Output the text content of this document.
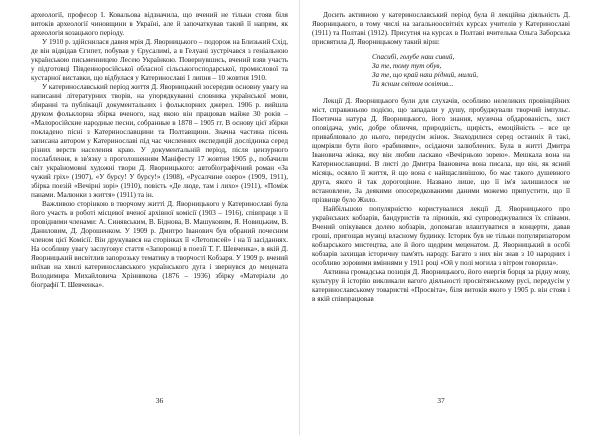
археології, професор І. Ковальова відзначила, що вчений не тільки стояв біля витоків археології чиновщини в Україні, але й започаткував такий її напрям, як археологія козацького періоду.

У 1910 р. здійснилася давня мрія Д. Яворницького – подорож на Близький Схід, де він відвідав Єгипет, побував у Єрусалимі, а в Гелуані зустрічався з геніальною українською письменницею Лесею Українкою. Повернувшись, вчений взяв участь у підготовці Південноросійської обласної сільськогосподарської, промислової та кустарної виставки, що відбулася у Катеринославі 1 липня – 10 жовтня 1910.

У катеринославський період життя Д. Яворницький зосередив основну увагу на написанні літературних творів, на упорядкуванні словника української мови, збиранні та публікації документальних і фольклорних джерел. 1906 р. вийшла друком фольклорна збірка вченого, над якою він працював майже 30 років – «Малоросійские народные песни, собранные в 1878 – 1905 гг. В основу цієї збірки покладено пісні з Катеринославщини та Полтавщини. Значна частина пісень записана автором у Катеринославі під час численних експедицій дослідника серед різних верств населення краю. У документальній період, після цензурного послаблення, в зв'язку з проголошенням Маніфесту 17 жовтня 1905 р., побачили світ україномовні художні твори Д. Яворницького: автобіографічний роман «За чужий гріх» (1907), «У бурсу! У бурсу!» (1908), «Русалчине озеро» (1909, 1911), збірка поезій «Вечірні зорі» (1910), повість «Де люде, там і лихо» (1911), «Поміж панами. Малюнки з життя» (1911) та ін.

Важливою сторінкою в творчому житті Д. Яворницького у Катеринославі була його участь в роботі місцевої вченої архівної комісії (1903 – 1916), співпраця з її провідними членами: А. Синявським, В. Біднова, В. Машуковим, Я. Новицьким, В. Даниловим, Д. Дорошенком. У 1909 р. Дмитро Іванович був обраний почесним членом цієї Комісії. Він друкувався на сторінках її «Летописей» і на її засіданнях. На особливу увагу заслуговує стаття «Запорожці в поезії Т. Г. Шевченка», в якій Д. Яворницький висвітлив запорозьку тематику в творчості Кобзаря. У 1909 р. вчений виїхав на хвилі катеринославського українського дуга і звернувся до мецената Володимира Михайловича Хрінникова (1876 – 1936) збірку «Матеріали до біографії Т. Шевченка».

36

Досить активною у катеринославський період була й лекційна діяльність Д. Яворницького, в тому числі на загальноосвітніх курсах учителів у Катеринославі (1911) та Полтаві (1912). Присутня на курсах в Полтаві вчителька Ольга Заборська присвятила Д. Яворницькому такий вірш:

Спасибі, голубе наш сивий,
За те, тому тут обув,
За те, що край наш рідний, милий,
Ти ясним світом освітив...

Лекції Д. Яворницького були для слухачів, особливо нелеликих провінційних міст, справжньою подією, що западали у душу, пробуджували творчий імпульс. Поетична натура Д. Яворницького, його знання, музична обдарованість, хист оповідача, уміє, добре обличчя, природність, щирість, емоційність – все це приваблювало до нього, передусім жінок. Знаходилися серед останніх й такі, щомріяли бути його «рабинями», осідаючи залюблених. Була в житті Дмитра Івановича жінка, яку він любив ласкаво «Вечірньою зорею». Мешкала вона на Катеринославщині. В листі до Дмитра Івановича вона писала, що він, як ясний місяць, осяяло її життя, й що вона є найщасливішою, бо має такого душевного друга, якого й так дорогоцінне. Названо лише, що її ім'я залишилося не встановлене, За деякими опосередкованими даними можемо припустити, що її прізвище було Жило.

Найбільшою популярністю користувалися лекції Д. Яворницького про українських кобзарів, бандуристів та лірників, які супроводжувалися їх співами. Вчений опікувався долею кобзарів, допомагав влаштуватися в концерти, давав гроші, пригощав музиці власному будинку. Історик був не тільки популяризатором кобзарського мистецтва, але й його щедрим меценатом. Д. Яворницький в особі кобзарів захищав історичну пам'ять народу. Багато з них він знав з 10 народних і особливо зоровими вміннями у 1911 році «Ой у полі могила з вітром говорила».

Активна громадська позиція Д. Яворницького, його енергія борця за рідну мову, культуру й історію викликали вагого діяльності просвітянському русі, передусім у катеринославському товаристві «Просвіта», біля витоків якого у 1905 р. він стояв і в якій співпрацював

37
